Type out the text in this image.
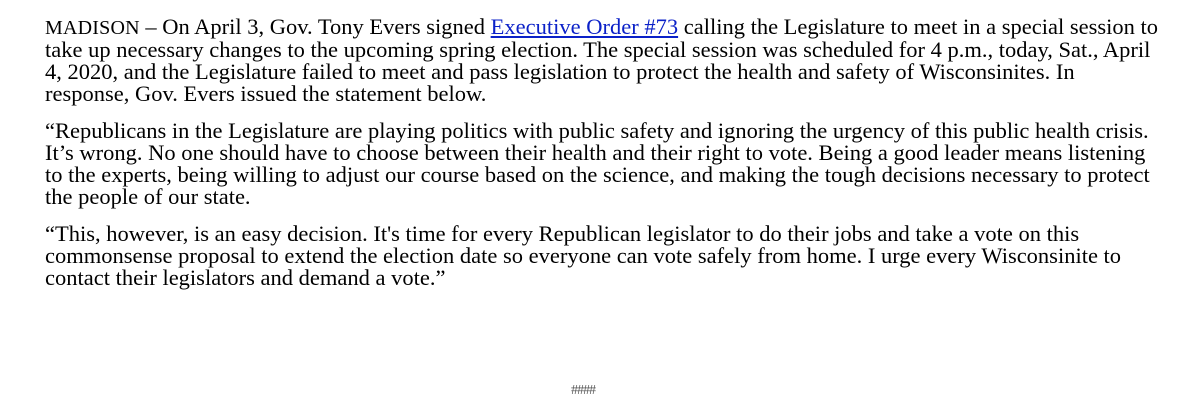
MADISON – On April 3, Gov. Tony Evers signed Executive Order #73 calling the Legislature to meet in a special session to take up necessary changes to the upcoming spring election. The special session was scheduled for 4 p.m., today, Sat., April 4, 2020, and the Legislature failed to meet and pass legislation to protect the health and safety of Wisconsinites. In response, Gov. Evers issued the statement below.

“Republicans in the Legislature are playing politics with public safety and ignoring the urgency of this public health crisis. It’s wrong. No one should have to choose between their health and their right to vote. Being a good leader means listening to the experts, being willing to adjust our course based on the science, and making the tough decisions necessary to protect the people of our state.

“This, however, is an easy decision. It's time for every Republican legislator to do their jobs and take a vote on this commonsense proposal to extend the election date so everyone can vote safely from home. I urge every Wisconsinite to contact their legislators and demand a vote.”

####
